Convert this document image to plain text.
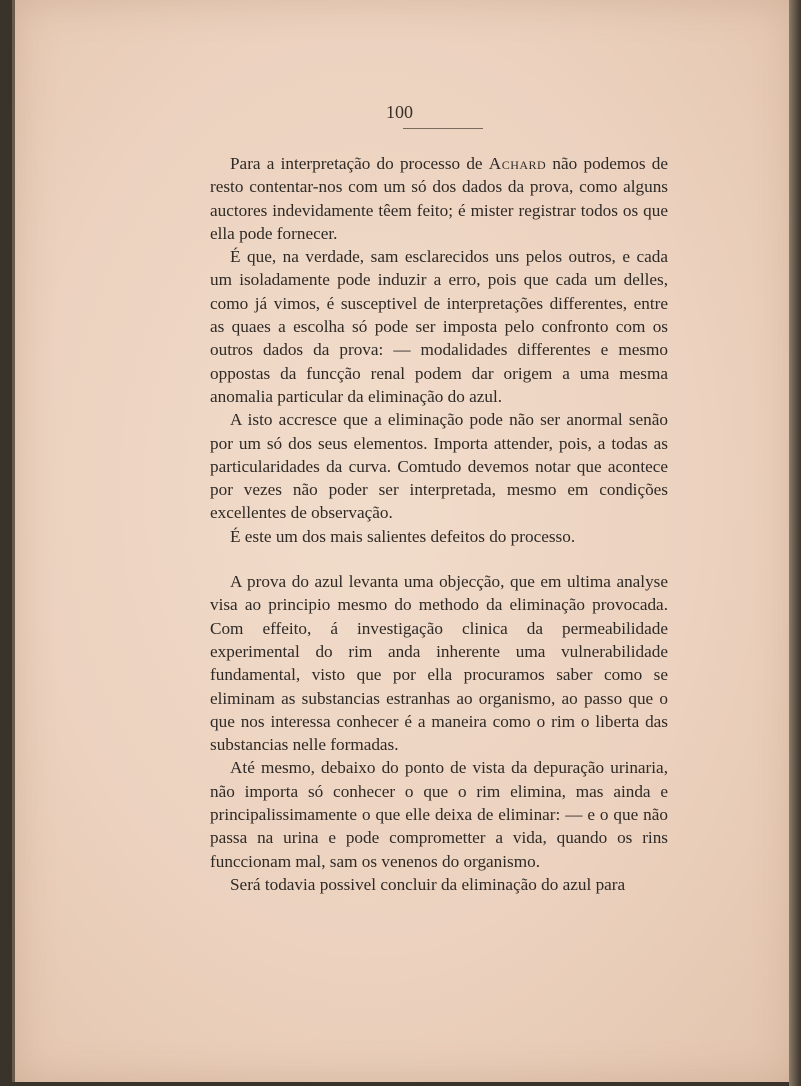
100

Para a interpretação do processo de Achard não podemos de resto contentar-nos com um só dos dados da prova, como alguns auctores indevidamente têem feito; é mister registrar todos os que ella pode fornecer.

É que, na verdade, sam esclarecidos uns pelos outros, e cada um isoladamente pode induzir a erro, pois que cada um delles, como já vimos, é susceptivel de interpretações differentes, entre as quaes a escolha só pode ser imposta pelo confronto com os outros dados da prova: — modalidades differentes e mesmo oppostas da funcção renal podem dar origem a uma mesma anomalia particular da eliminação do azul.

A isto accresce que a eliminação pode não ser anormal senão por um só dos seus elementos. Importa attender, pois, a todas as particularidades da curva. Comtudo devemos notar que acontece por vezes não poder ser interpretada, mesmo em condições excellentes de observação.

É este um dos mais salientes defeitos do processo.

A prova do azul levanta uma objecção, que em ultima analyse visa ao principio mesmo do methodo da eliminação provocada. Com effeito, á investigação clinica da permeabilidade experimental do rim anda inherente uma vulnerabilidade fundamental, visto que por ella procuramos saber como se eliminam as substancias estranhas ao organismo, ao passo que o que nos interessa conhecer é a maneira como o rim o liberta das substancias nelle formadas.

Até mesmo, debaixo do ponto de vista da depuração urinaria, não importa só conhecer o que o rim elimina, mas ainda e principalissimamente o que elle deixa de eliminar: — e o que não passa na urina e pode comprometter a vida, quando os rins funccionam mal, sam os venenos do organismo.

Será todavia possivel concluir da eliminação do azul para
